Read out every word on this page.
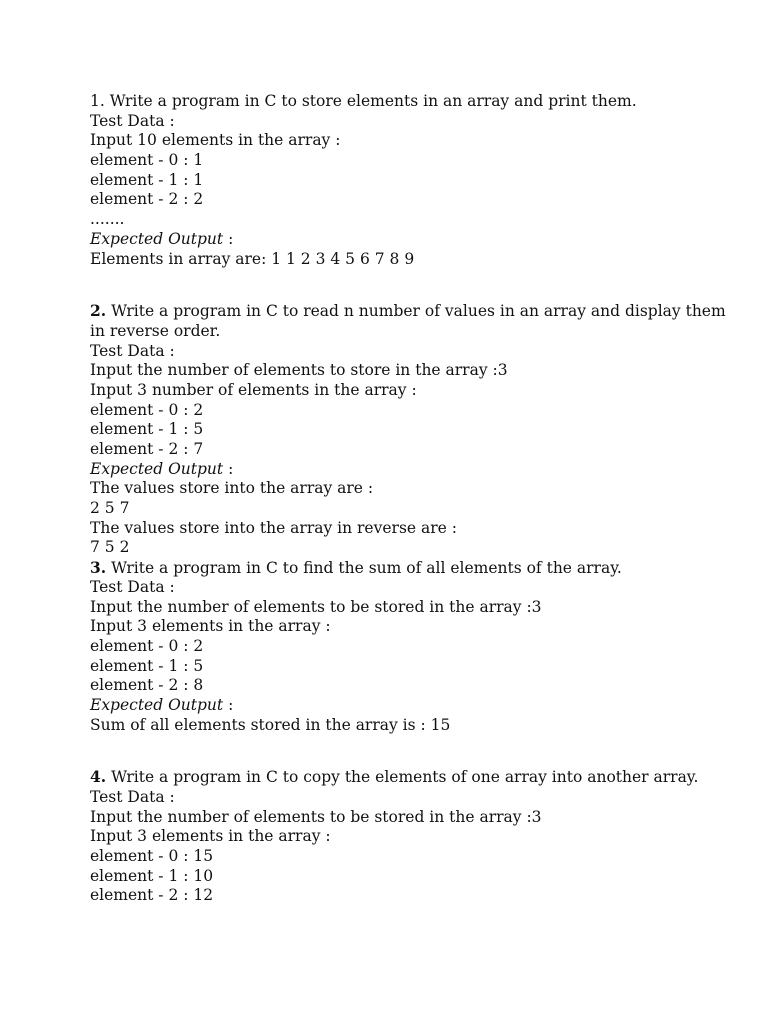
1. Write a program in C to store elements in an array and print them.
Test Data :
Input 10 elements in the array :
element - 0 : 1
element - 1 : 1
element - 2 : 2
.......
Expected Output :
Elements in array are: 1 1 2 3 4 5 6 7 8 9
2. Write a program in C to read n number of values in an array and display them in reverse order.
Test Data :
Input the number of elements to store in the array :3
Input 3 number of elements in the array :
element - 0 : 2
element - 1 : 5
element - 2 : 7
Expected Output :
The values store into the array are :
2 5 7
The values store into the array in reverse are :
7 5 2
3. Write a program in C to find the sum of all elements of the array.
Test Data :
Input the number of elements to be stored in the array :3
Input 3 elements in the array :
element - 0 : 2
element - 1 : 5
element - 2 : 8
Expected Output :
Sum of all elements stored in the array is : 15
4. Write a program in C to copy the elements of one array into another array.
Test Data :
Input the number of elements to be stored in the array :3
Input 3 elements in the array :
element - 0 : 15
element - 1 : 10
element - 2 : 12
